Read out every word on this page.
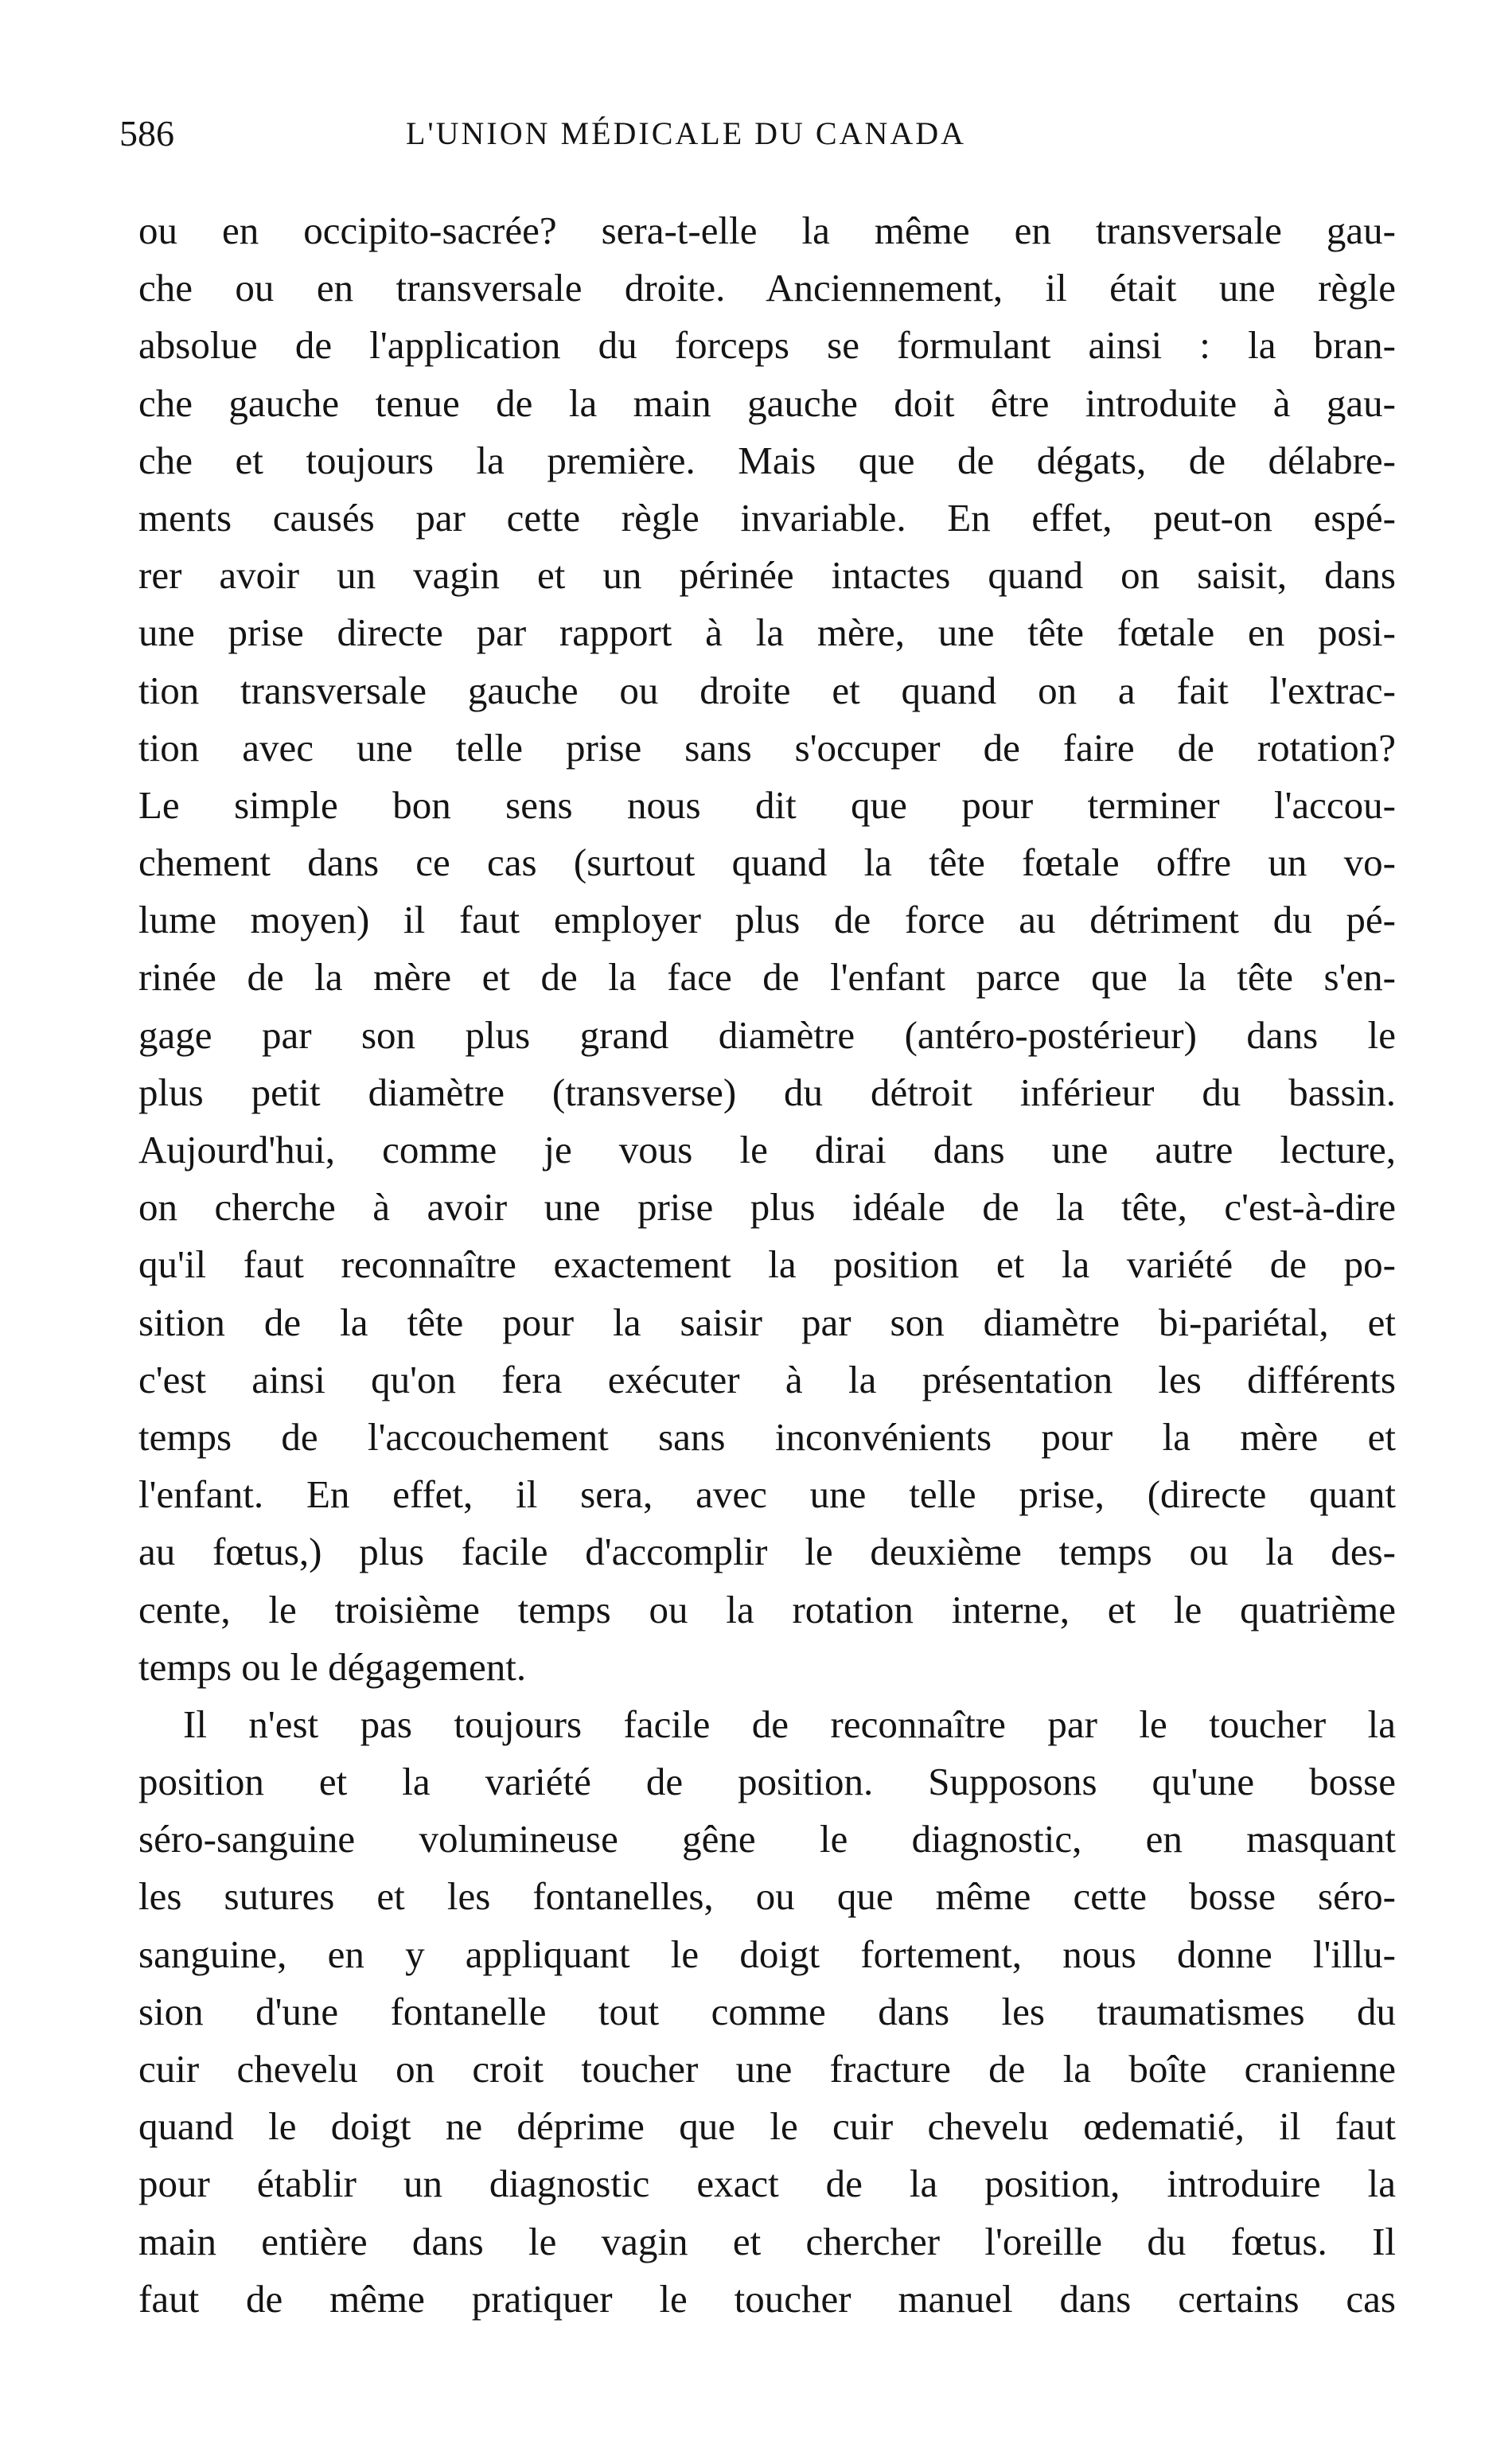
586	L'UNION MÉDICALE DU CANADA
ou en occipito-sacrée? sera-t-elle la même en transversale gau-
che ou en transversale droite. Anciennement, il était une règle
absolue de l'application du forceps se formulant ainsi : la bran-
che gauche tenue de la main gauche doit être introduite à gau-
che et toujours la première. Mais que de dégats, de délabre-
ments causés par cette règle invariable. En effet, peut-on espé-
rer avoir un vagin et un périnée intactes quand on saisit, dans
une prise directe par rapport à la mère, une tête fœtale en posi-
tion transversale gauche ou droite et quand on a fait l'extrac-
tion avec une telle prise sans s'occuper de faire de rotation?
Le simple bon sens nous dit que pour terminer l'accou-
chement dans ce cas (surtout quand la tête fœtale offre un vo-
lume moyen) il faut employer plus de force au détriment du pé-
rinée de la mère et de la face de l'enfant parce que la tête s'en-
gage par son plus grand diamètre (antéro-postérieur) dans le
plus petit diamètre (transverse) du détroit inférieur du bassin.
Aujourd'hui, comme je vous le dirai dans une autre lecture,
on cherche à avoir une prise plus idéale de la tête, c'est-à-dire
qu'il faut reconnaître exactement la position et la variété de po-
sition de la tête pour la saisir par son diamètre bi-pariétal, et
c'est ainsi qu'on fera exécuter à la présentation les différents
temps de l'accouchement sans inconvénients pour la mère et
l'enfant. En effet, il sera, avec une telle prise, (directe quant
au fœtus,) plus facile d'accomplir le deuxième temps ou la des-
cente, le troisième temps ou la rotation interne, et le quatrième
temps ou le dégagement.
Il n'est pas toujours facile de reconnaître par le toucher la
position et la variété de position. Supposons qu'une bosse
séro-sanguine volumineuse gêne le diagnostic, en masquant
les sutures et les fontanelles, ou que même cette bosse séro-
sanguine, en y appliquant le doigt fortement, nous donne l'illu-
sion d'une fontanelle tout comme dans les traumatismes du
cuir chevelu on croit toucher une fracture de la boîte cranienne
quand le doigt ne déprime que le cuir chevelu œdematié, il faut
pour établir un diagnostic exact de la position, introduire la
main entière dans le vagin et chercher l'oreille du fœtus. Il
faut de même pratiquer le toucher manuel dans certains cas
